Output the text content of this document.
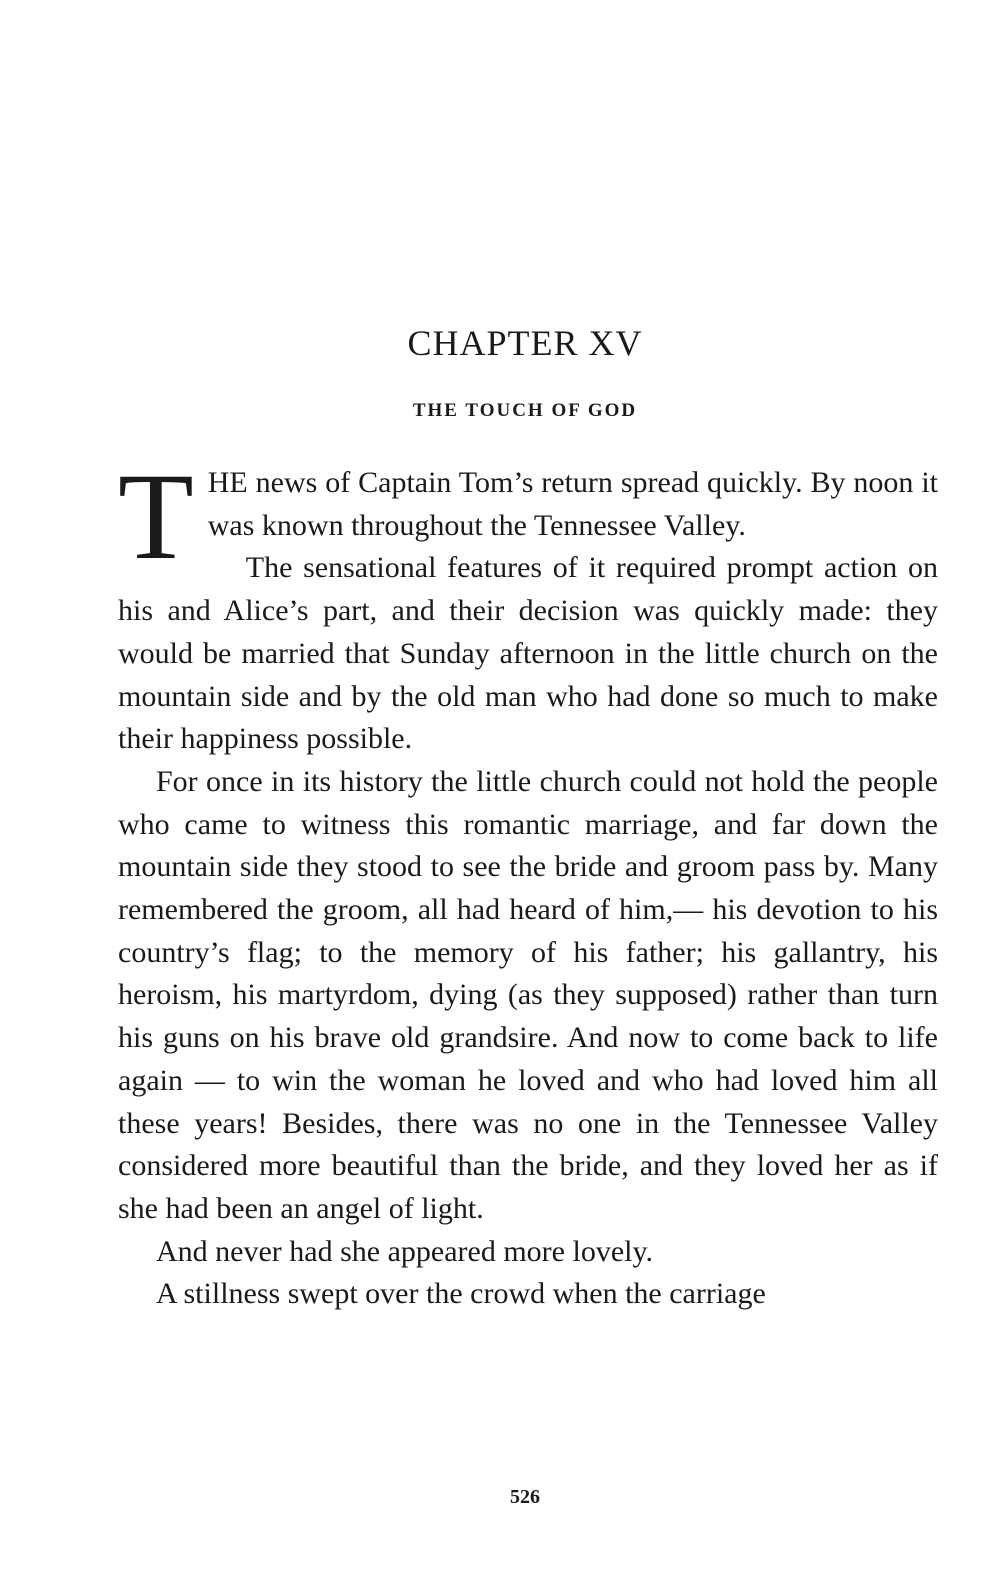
CHAPTER XV
THE TOUCH OF GOD

THE news of Captain Tom’s return spread quickly. By noon it was known throughout the Tennessee Valley.

The sensational features of it required prompt action on his and Alice’s part, and their decision was quickly made: they would be married that Sunday afternoon in the little church on the mountain side and by the old man who had done so much to make their happiness possible.

For once in its history the little church could not hold the people who came to witness this romantic marriage, and far down the mountain side they stood to see the bride and groom pass by. Many remembered the groom, all had heard of him,— his devotion to his country’s flag; to the memory of his father; his gallantry, his heroism, his martyrdom, dying (as they supposed) rather than turn his guns on his brave old grandsire. And now to come back to life again — to win the woman he loved and who had loved him all these years! Besides, there was no one in the Tennessee Valley considered more beautiful than the bride, and they loved her as if she had been an angel of light.

And never had she appeared more lovely.

A stillness swept over the crowd when the carriage

526
